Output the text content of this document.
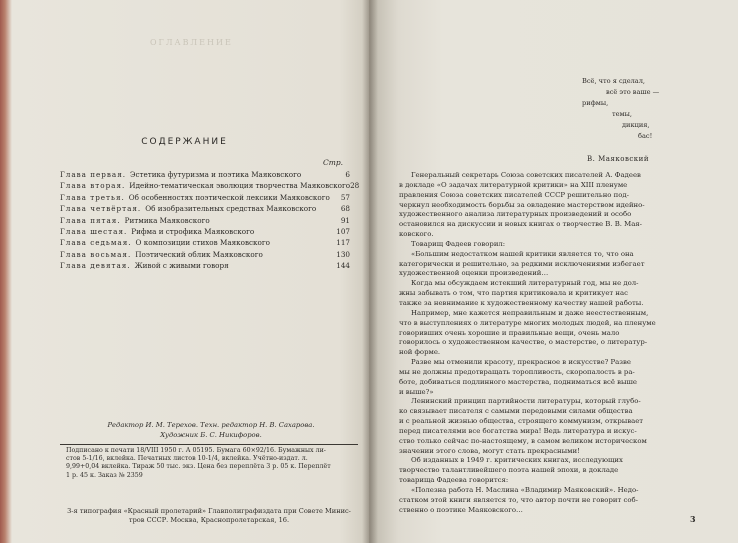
ОГЛАВЛЕНИЕ
СОДЕРЖАНИЕ
Стр.
Глава первая. Эстетика футуризма и поэтика Маяковского	6
Глава вторая. Идейно-тематическая эволюция творчества Маяковского 28
Глава третья. Об особенностях поэтической лексики Маяковского	57
Глава четвёртая. Об изобразительных средствах Маяковского	68
Глава пятая. Ритмика Маяковского	91
Глава шестая. Рифма и строфика Маяковского	107
Глава седьмая. О композиции стихов Маяковского	117
Глава восьмая. Поэтический облик Маяковского	130
Глава девятая. Живой с живыми говоря	144
Редактор И. М. Терехов. Техн. редактор Н. В. Сахарова.
Художник Б. С. Никифоров.
Подписано к печати 18/VIII 1950 г. А 05195. Бумага 60×92/16. Бумажных ли-
стов 5-1/16, вклейка. Печатных листов 10-1/4, вклейка. Учётно-издат. л.
9,99+0,04 вклейка. Тираж 50 тыс. экз. Цена без переплёта 3 р. 05 к. Переплёт
1 р. 45 к. Заказ № 2359
3-я типография «Красный пролетарий» Главполиграфиздата при Совете Минис-
тров СССР. Москва, Краснопролетарская, 16.
Всё, что я сделал,
всё это ваше —
рифмы,
темы,
дикция,
бас!
В. Маяковский
Генеральный секретарь Союза советских писателей А. Фадеев
в докладе «О задачах литературной критики» на XIII пленуме
правления Союза советских писателей СССР решительно под-
черкнул необходимость борьбы за овладение мастерством идейно-
художественного анализа литературных произведений и особо
остановился на дискуссии и новых книгах о творчестве В. В. Мая-
ковского.
Товарищ Фадеев говорил:
«Большим недостатком нашей критики является то, что она
категорически и решительно, за редкими исключениями избегает
художественной оценки произведений…
Когда мы обсуждаем истекший литературный год, мы не дол-
жны забывать о том, что партия критиковала и критикует нас
также за невнимание к художественному качеству нашей работы.
Например, мне кажется неправильным и даже неестественным,
что в выступлениях о литературе многих молодых людей, на пленуме
говоривших очень хорошие и правильные вещи, очень мало
говорилось о художественном качестве, о мастерстве, о литератур-
ной форме.
Разве мы отменили красоту, прекрасное в искусстве? Разве
мы не должны предотвращать торопливость, скоропалость в ра-
боте, добиваться подлинного мастерства, подниматься всё выше
и выше?»
Ленинский принцип партийности литературы, который глубо-
ко связывает писателя с самыми передовыми силами общества
и с реальной жизнью общества, строящего коммунизм, открывает
перед писателями все богатства мира! Ведь литература и искус-
ство только сейчас по-настоящему, в самом великом историческом
значении этого слова, могут стать прекрасными!
Об изданных в 1949 г. критических книгах, исследующих
творчество талантливейшего поэта нашей эпохи, в докладе
товарища Фадеева говорится:
«Полезна работа Н. Маслина «Владимир Маяковский». Недо-
статком этой книги является то, что автор почти не говорит соб-
ственно о поэтике Маяковского…
3
